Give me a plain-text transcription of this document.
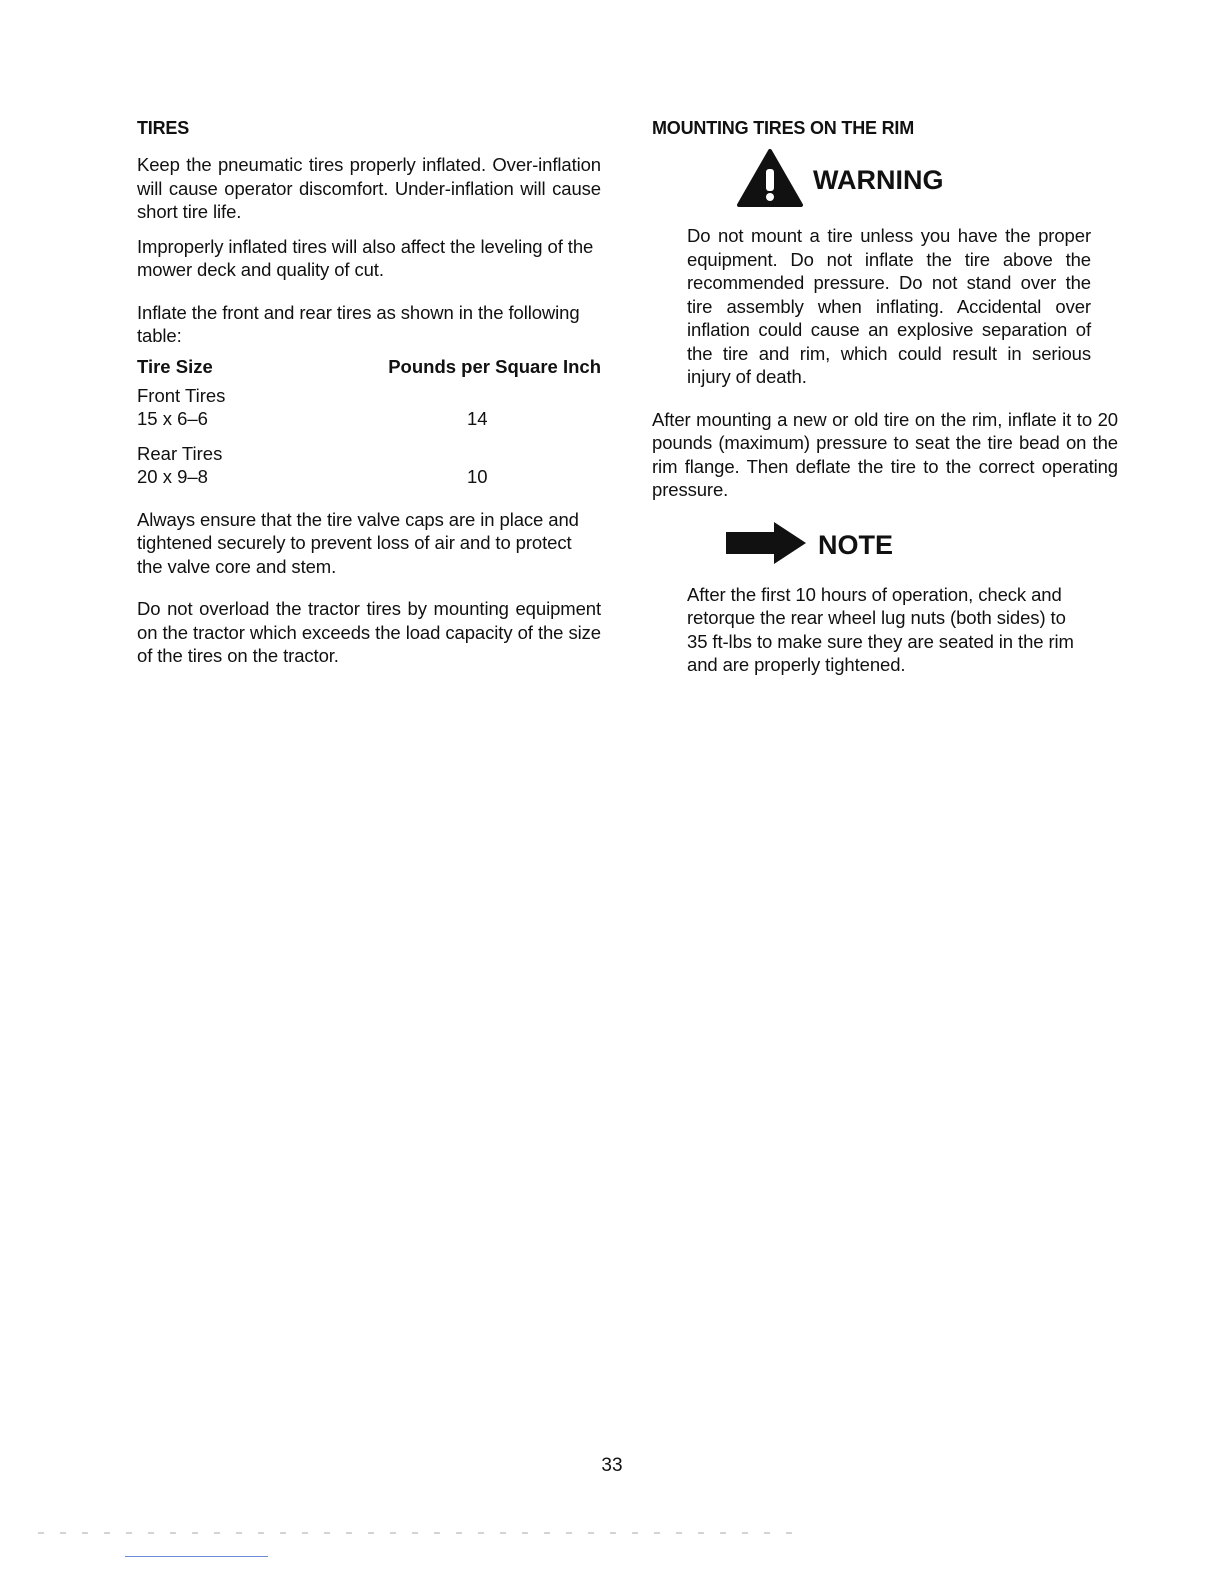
TIRES

Keep the pneumatic tires properly inflated. Over-inflation will cause operator discomfort. Under-inflation will cause short tire life.

Improperly inflated tires will also affect the leveling of the mower deck and quality of cut.

Inflate the front and rear tires as shown in the following table:

Tire Size	Pounds per Square Inch
Front Tires
15 x 6–6	14
Rear Tires
20 x 9–8	10

Always ensure that the tire valve caps are in place and tightened securely to prevent loss of air and to protect the valve core and stem.

Do not overload the tractor tires by mounting equipment on the tractor which exceeds the load capacity of the size of the tires on the tractor.

MOUNTING TIRES ON THE RIM
WARNING

Do not mount a tire unless you have the proper equipment. Do not inflate the tire above the recommended pressure. Do not stand over the tire assembly when inflating. Accidental over inflation could cause an explosive separation of the tire and rim, which could result in serious injury of death.

After mounting a new or old tire on the rim, inflate it to 20 pounds (maximum) pressure to seat the tire bead on the rim flange. Then deflate the tire to the correct operating pressure.

NOTE

After the first 10 hours of operation, check and retorque the rear wheel lug nuts (both sides) to 35 ft-lbs to make sure they are seated in the rim and are properly tightened.

33
